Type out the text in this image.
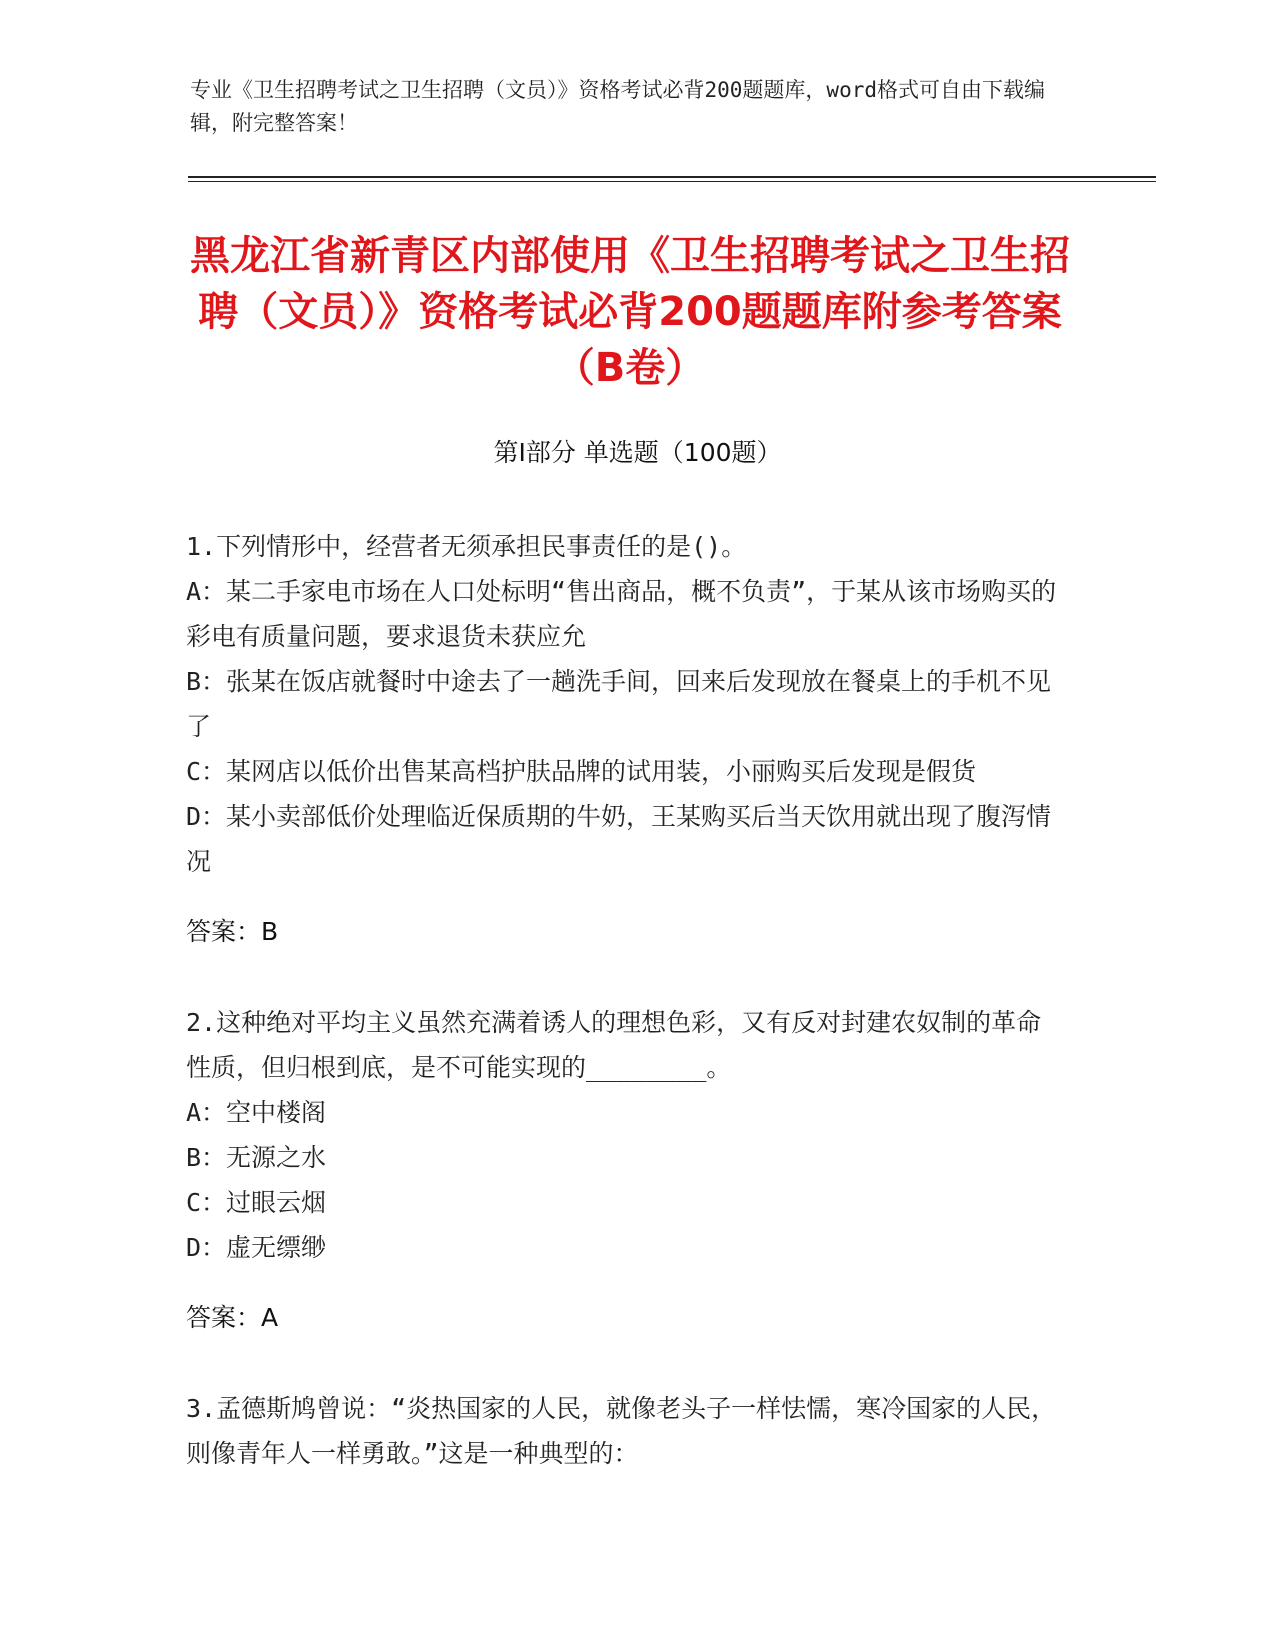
专业《卫生招聘考试之卫生招聘（文员）》资格考试必背200题题库，word格式可自由下载编辑，附完整答案！
黑龙江省新青区内部使用《卫生招聘考试之卫生招聘（文员）》资格考试必背200题题库附参考答案（B卷）
第Ⅰ部分 单选题（100题）

1.下列情形中，经营者无须承担民事责任的是()。

A：某二手家电市场在人口处标明“售出商品，概不负责”，于某从该市场购买的彩电有质量问题，要求退货未获应允

B：张某在饭店就餐时中途去了一趟洗手间，回来后发现放在餐桌上的手机不见了

C：某网店以低价出售某高档护肤品牌的试用装，小丽购买后发现是假货

D：某小卖部低价处理临近保质期的牛奶，王某购买后当天饮用就出现了腹泻情况

答案：B

2.这种绝对平均主义虽然充满着诱人的理想色彩，又有反对封建农奴制的革命性质，但归根到底，是不可能实现的________。

A：空中楼阁

B：无源之水

C：过眼云烟

D：虚无缥缈

答案：A

3.孟德斯鸠曾说：“炎热国家的人民，就像老头子一样怯懦，寒冷国家的人民，则像青年人一样勇敢。”这是一种典型的：
